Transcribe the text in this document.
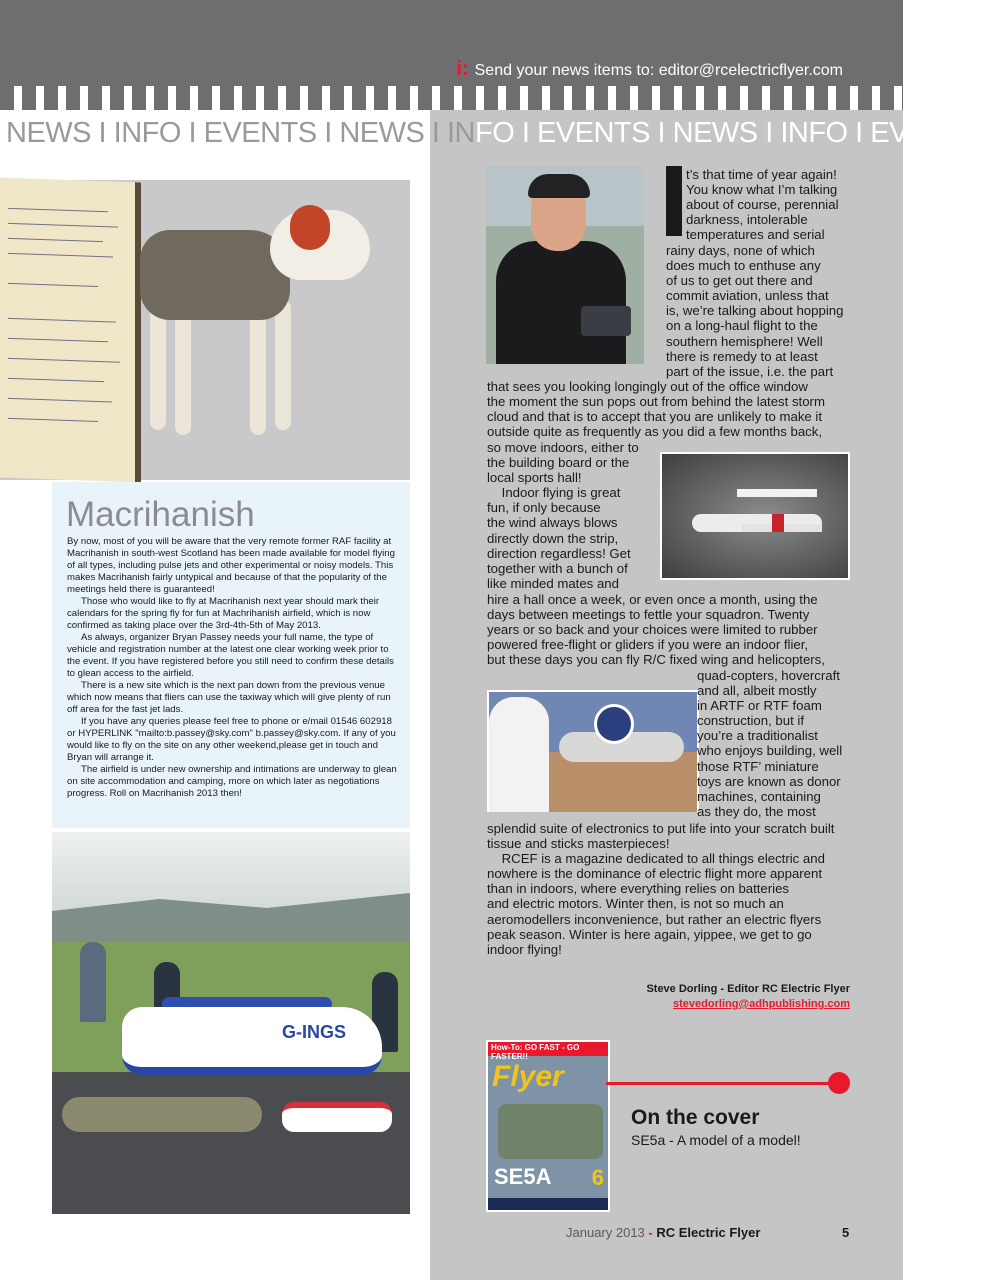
i: Send your news items to: editor@rcelectricflyer.com
NEWS I INFO I EVENTS I NEWS I INFO I EVENTS I NEWS I INFO I EVENTS
Macrihanish

By now, most of you will be aware that the very remote former RAF facility at Macrihanish in south-west Scotland has been made available for model flying of all types, including pulse jets and other experimental or noisy models. This makes Macrihanish fairly untypical and because of that the popularity of the meetings held there is guaranteed!

Those who would like to fly at Macrihanish next year should mark their calendars for the spring fly for fun at Machrihanish airfield, which is now confirmed as taking place over the 3rd-4th-5th of May 2013.

As always, organizer Bryan Passey needs your full name, the type of vehicle and registration number at the latest one clear working week prior to the event. If you have registered before you still need to confirm these details to glean access to the airfield.

There is a new site which is the next pan down from the previous venue which now means that fliers can use the taxiway which will give plenty of run off area for the fast jet lads.

If you have any queries please feel free to phone or e/mail 01546 602918 or HYPERLINK "mailto:b.passey@sky.com" b.passey@sky.com. If any of you would like to fly on the site on any other weekend,please get in touch and Bryan will arrange it.

The airfield is under new ownership and intimations are underway to glean on site accommodation and camping, more on which later as negotiations progress. Roll on Macrihanish 2013 then!

G-INGS
t’s that time of year again!
You know what I’m talking
about of course, perennial
darkness, intolerable
temperatures and serial
rainy days, none of which
does much to enthuse any
of us to get out there and
commit aviation, unless that
is, we’re talking about hopping
on a long-haul flight to the
southern hemisphere! Well
there is remedy to at least
part of the issue, i.e. the part
that sees you looking longingly out of the office window
the moment the sun pops out from behind the latest storm
cloud and that is to accept that you are unlikely to make it
outside quite as frequently as you did a few months back,
so move indoors, either to
the building board or the
local sports hall!
Indoor flying is great
fun, if only because
the wind always blows
directly down the strip,
direction regardless! Get
together with a bunch of
like minded mates and
hire a hall once a week, or even once a month, using the
days between meetings to fettle your squadron. Twenty
years or so back and your choices were limited to rubber
powered free-flight or gliders if you were an indoor flier,
but these days you can fly R/C fixed wing and helicopters,
quad-copters, hovercraft
and all, albeit mostly
in ARTF or RTF foam
construction, but if
you’re a traditionalist
who enjoys building, well
those RTF’ miniature
toys are known as donor
machines, containing
as they do, the most
splendid suite of electronics to put life into your scratch built
tissue and sticks masterpieces!
RCEF is a magazine dedicated to all things electric and
nowhere is the dominance of electric flight more apparent
than in indoors, where everything relies on batteries
and electric motors. Winter then, is not so much an
aeromodellers inconvenience, but rather an electric flyers
peak season. Winter is here again, yippee, we get to go
indoor flying!
Steve Dorling - Editor RC Electric Flyer
stevedorling@adhpublishing.com
How-To: GO FAST - GO FASTER!!
Flyer
SE5A 6
On the cover
SE5a - A model of a model!
January 2013 - RC Electric Flyer	5
